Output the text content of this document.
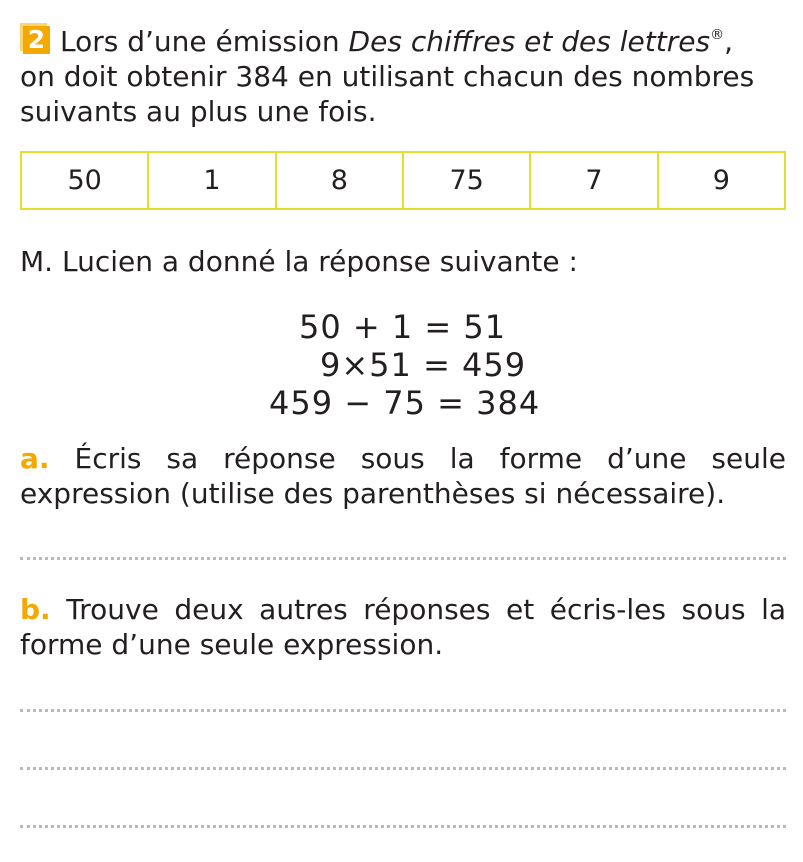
2 Lors d’une émission Des chiffres et des lettres®,
on doit obtenir 384 en utilisant chacun des nombres
suivants au plus une fois.

50	1	8	75	7	9

M. Lucien a donné la réponse suivante :

50 + 1 = 51
9×51 = 459
459 − 75 = 384

a. Écris sa réponse sous la forme d’une seule expression (utilise des parenthèses si nécessaire).

b. Trouve deux autres réponses et écris-les sous la forme d’une seule expression.
